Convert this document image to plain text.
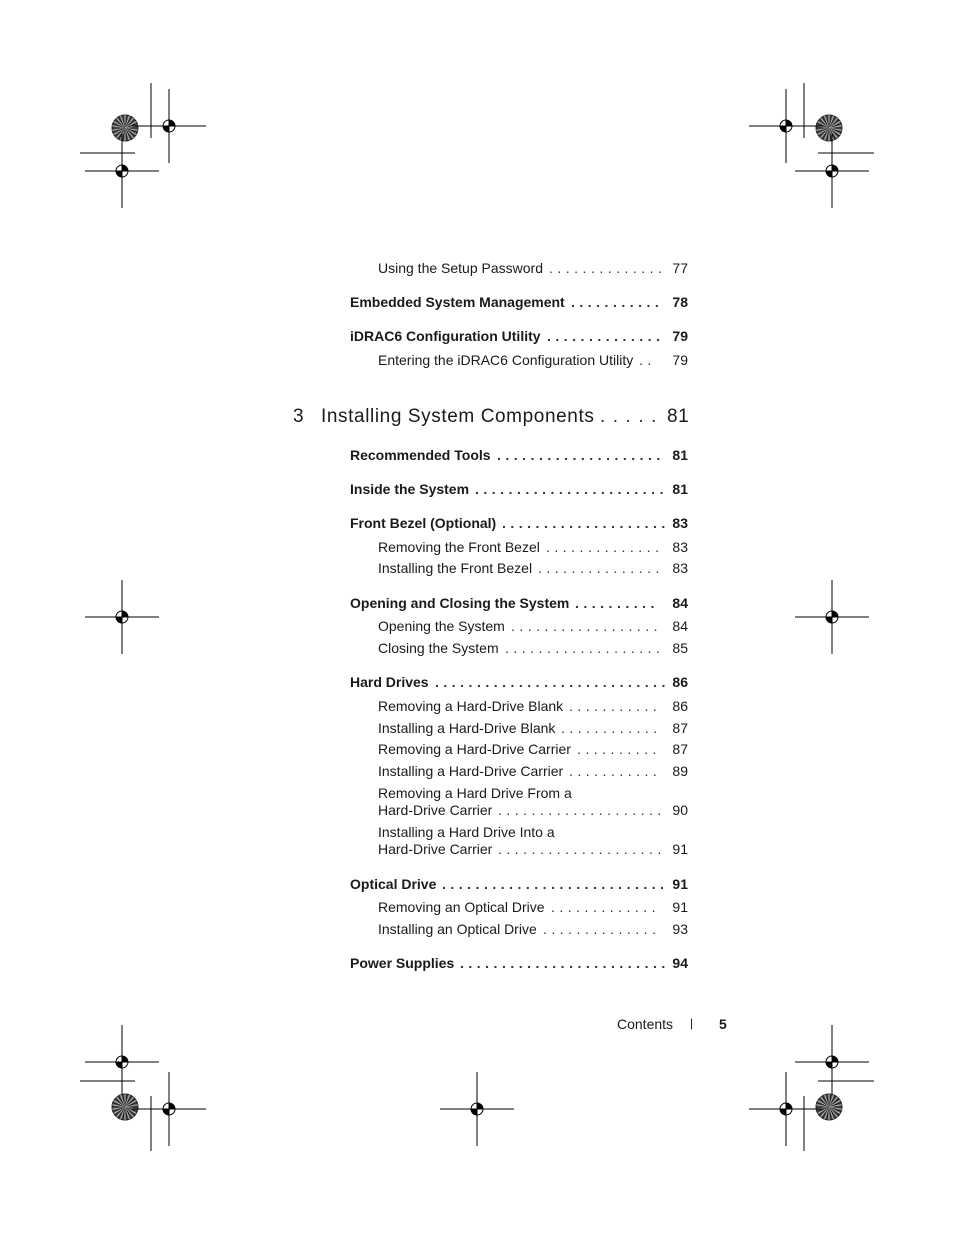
Using the Setup Password	77
..............
Embedded System Management	78
...........
iDRAC6 Configuration Utility	79
..............
Entering the iDRAC6 Configuration Utility	79
..
3 Installing System Components	81
.....
Recommended Tools	81
....................
Inside the System	81
.......................
Front Bezel (Optional)	83
....................
Removing the Front Bezel	83
..............
Installing the Front Bezel	83
...............
Opening and Closing the System	84
..........
Opening the System	84
..................
Closing the System	85
...................
Hard Drives	86
............................
Removing a Hard-Drive Blank	86
...........
Installing a Hard-Drive Blank	87
............
Removing a Hard-Drive Carrier	87
..........
Installing a Hard-Drive Carrier	89
...........
Removing a Hard Drive From a
Hard-Drive Carrier	90
....................
Installing a Hard Drive Into a
Hard-Drive Carrier	91
....................
Optical Drive	91
...........................
Removing an Optical Drive	91
.............
Installing an Optical Drive	93
..............
Power Supplies	94
.........................
Contents | 5
